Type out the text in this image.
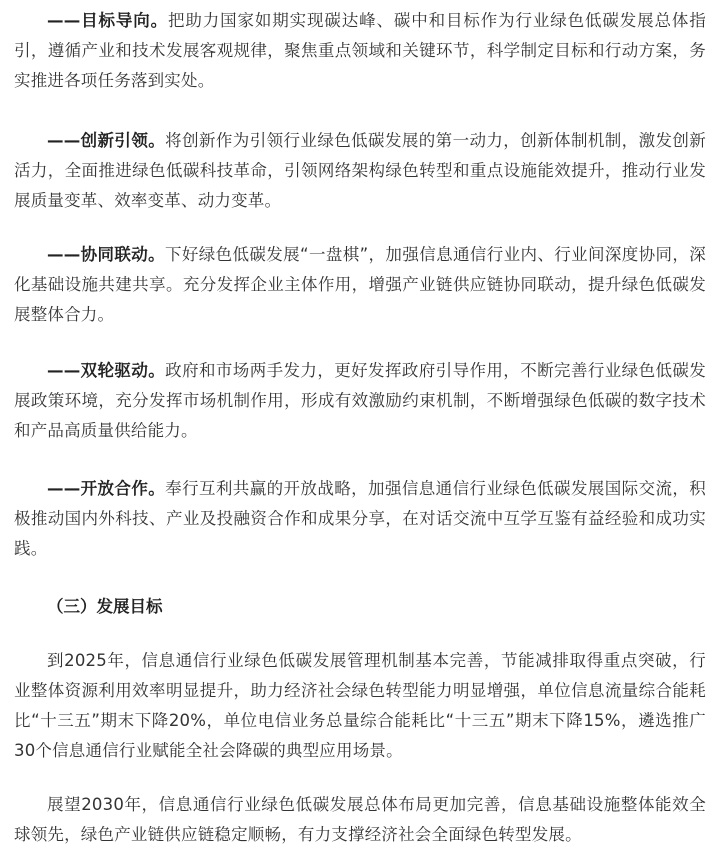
——目标导向。把助力国家如期实现碳达峰、碳中和目标作为行业绿色低碳发展总体指引，遵循产业和技术发展客观规律，聚焦重点领域和关键环节，科学制定目标和行动方案，务实推进各项任务落到实处。

——创新引领。将创新作为引领行业绿色低碳发展的第一动力，创新体制机制，激发创新活力，全面推进绿色低碳科技革命，引领网络架构绿色转型和重点设施能效提升，推动行业发展质量变革、效率变革、动力变革。

——协同联动。下好绿色低碳发展“一盘棋”，加强信息通信行业内、行业间深度协同，深化基础设施共建共享。充分发挥企业主体作用，增强产业链供应链协同联动，提升绿色低碳发展整体合力。

——双轮驱动。政府和市场两手发力，更好发挥政府引导作用，不断完善行业绿色低碳发展政策环境，充分发挥市场机制作用，形成有效激励约束机制，不断增强绿色低碳的数字技术和产品高质量供给能力。

——开放合作。奉行互利共赢的开放战略，加强信息通信行业绿色低碳发展国际交流，积极推动国内外科技、产业及投融资合作和成果分享，在对话交流中互学互鉴有益经验和成功实践。

（三）发展目标

到2025年，信息通信行业绿色低碳发展管理机制基本完善，节能减排取得重点突破，行业整体资源利用效率明显提升，助力经济社会绿色转型能力明显增强，单位信息流量综合能耗比“十三五”期末下降20%，单位电信业务总量综合能耗比“十三五”期末下降15%，遴选推广30个信息通信行业赋能全社会降碳的典型应用场景。

展望2030年，信息通信行业绿色低碳发展总体布局更加完善，信息基础设施整体能效全球领先，绿色产业链供应链稳定顺畅，有力支撑经济社会全面绿色转型发展。
